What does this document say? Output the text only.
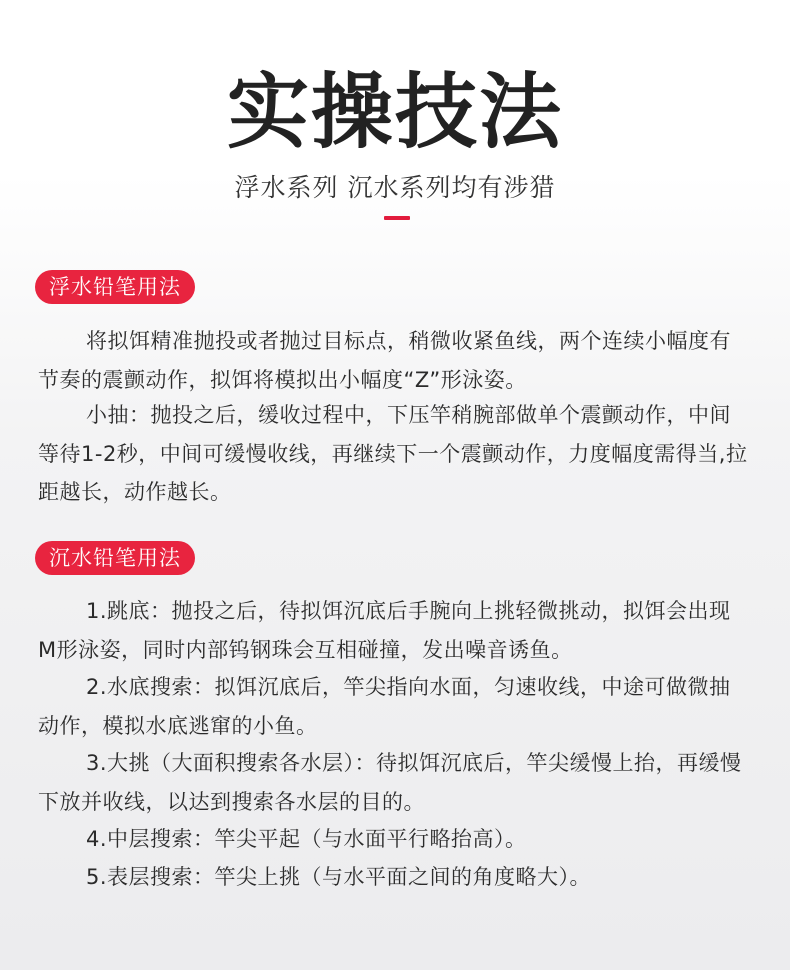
实操技法
浮水系列 沉水系列均有涉猎
浮水铅笔用法
将拟饵精准抛投或者抛过目标点，稍微收紧鱼线，两个连续小幅度有节奏的震颤动作，拟饵将模拟出小幅度“Z”形泳姿。
小抽：抛投之后，缓收过程中，下压竿稍腕部做单个震颤动作，中间等待1-2秒，中间可缓慢收线，再继续下一个震颤动作，力度幅度需得当,拉距越长，动作越长。
沉水铅笔用法
1.跳底：抛投之后，待拟饵沉底后手腕向上挑轻微挑动，拟饵会出现M形泳姿，同时内部钨钢珠会互相碰撞，发出噪音诱鱼。
2.水底搜索：拟饵沉底后，竿尖指向水面，匀速收线，中途可做微抽动作，模拟水底逃窜的小鱼。
3.大挑（大面积搜索各水层）：待拟饵沉底后，竿尖缓慢上抬，再缓慢下放并收线，以达到搜索各水层的目的。
4.中层搜索：竿尖平起（与水面平行略抬高）。
5.表层搜索：竿尖上挑（与水平面之间的角度略大）。
